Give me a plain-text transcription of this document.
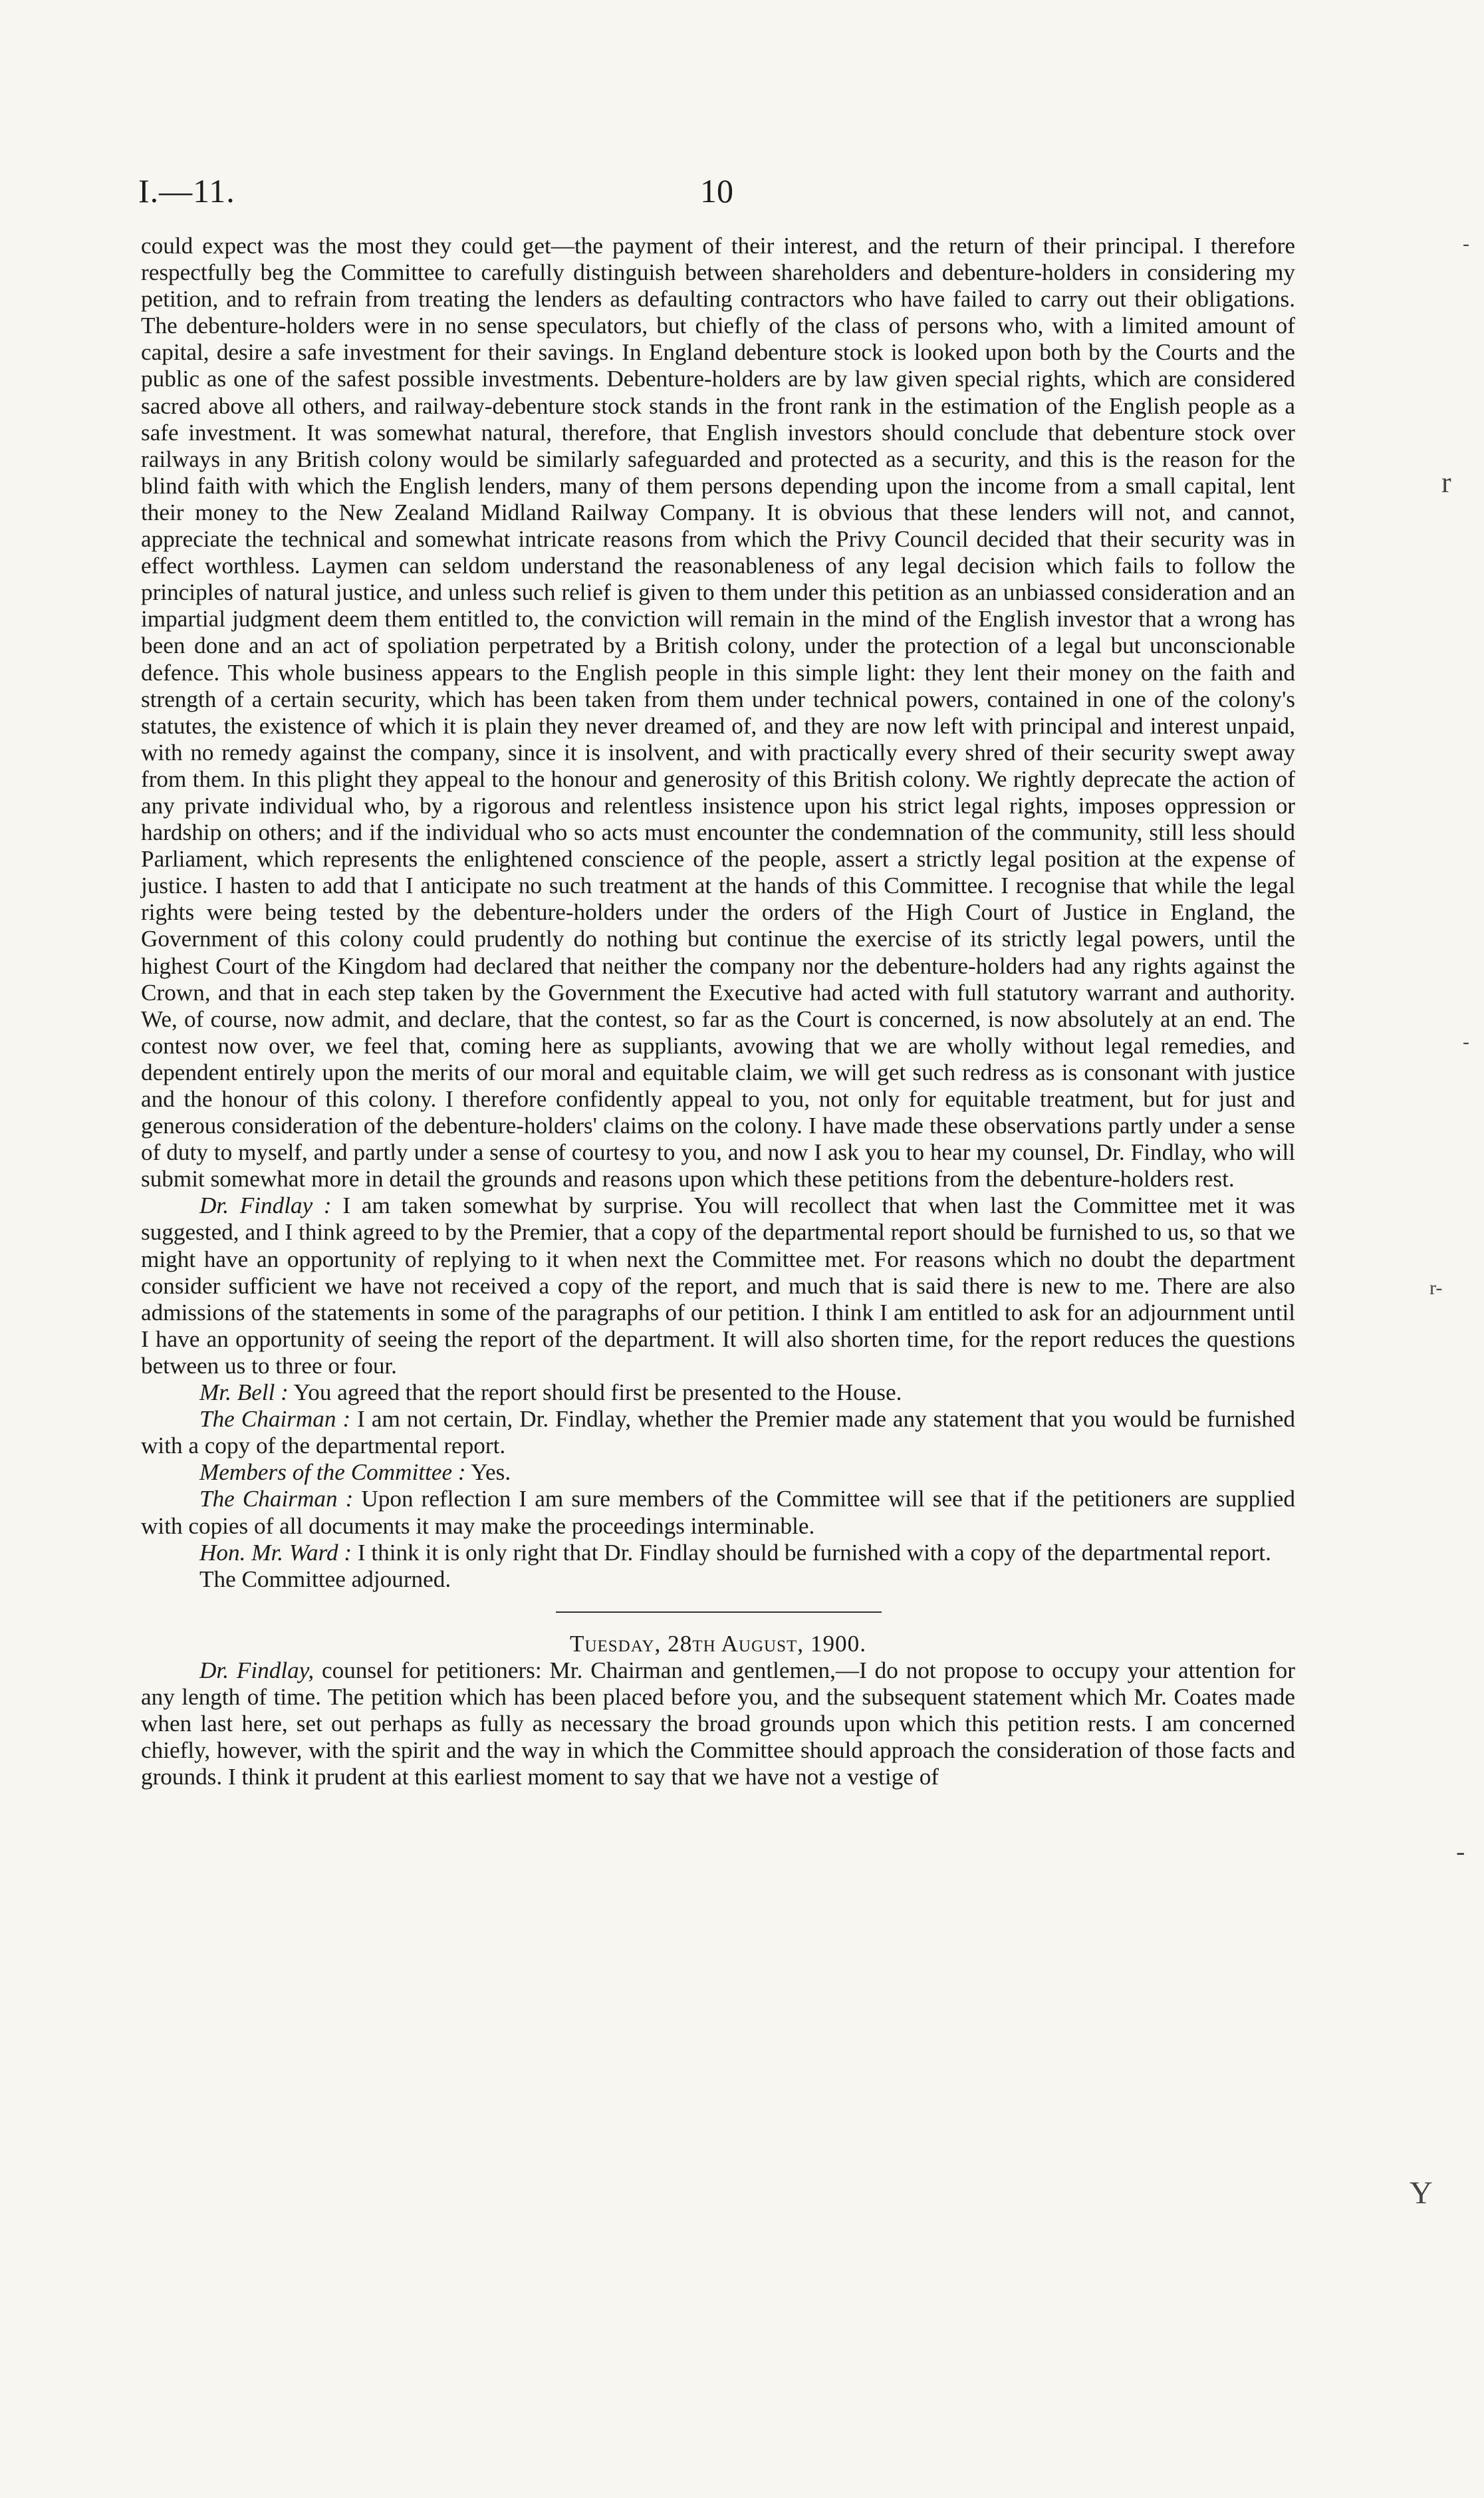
I.—11.	10

could expect was the most they could get—the payment of their interest, and the return of their principal. I therefore respectfully beg the Committee to carefully distinguish between shareholders and debenture-holders in considering my petition, and to refrain from treating the lenders as defaulting contractors who have failed to carry out their obligations. The debenture-holders were in no sense speculators, but chiefly of the class of persons who, with a limited amount of capital, desire a safe investment for their savings. In England debenture stock is looked upon both by the Courts and the public as one of the safest possible investments. Debenture-holders are by law given special rights, which are considered sacred above all others, and railway-debenture stock stands in the front rank in the estimation of the English people as a safe investment. It was somewhat natural, therefore, that English investors should conclude that debenture stock over railways in any British colony would be similarly safeguarded and protected as a security, and this is the reason for the blind faith with which the English lenders, many of them persons depending upon the income from a small capital, lent their money to the New Zealand Midland Railway Company. It is obvious that these lenders will not, and cannot, appreciate the technical and somewhat intricate reasons from which the Privy Council decided that their security was in effect worthless. Laymen can seldom understand the reasonableness of any legal decision which fails to follow the principles of natural justice, and unless such relief is given to them under this petition as an unbiassed consideration and an impartial judgment deem them entitled to, the conviction will remain in the mind of the English investor that a wrong has been done and an act of spoliation perpetrated by a British colony, under the protection of a legal but unconscionable defence. This whole business appears to the English people in this simple light: they lent their money on the faith and strength of a certain security, which has been taken from them under technical powers, contained in one of the colony's statutes, the existence of which it is plain they never dreamed of, and they are now left with principal and interest unpaid, with no remedy against the company, since it is insolvent, and with practically every shred of their security swept away from them. In this plight they appeal to the honour and generosity of this British colony. We rightly deprecate the action of any private individual who, by a rigorous and relentless insistence upon his strict legal rights, imposes oppression or hardship on others; and if the individual who so acts must encounter the condemnation of the community, still less should Parliament, which represents the enlightened conscience of the people, assert a strictly legal position at the expense of justice. I hasten to add that I anticipate no such treatment at the hands of this Committee. I recognise that while the legal rights were being tested by the debenture-holders under the orders of the High Court of Justice in England, the Government of this colony could prudently do nothing but continue the exercise of its strictly legal powers, until the highest Court of the Kingdom had declared that neither the company nor the debenture-holders had any rights against the Crown, and that in each step taken by the Government the Executive had acted with full statutory warrant and authority. We, of course, now admit, and declare, that the contest, so far as the Court is concerned, is now absolutely at an end. The contest now over, we feel that, coming here as suppliants, avowing that we are wholly without legal remedies, and dependent entirely upon the merits of our moral and equitable claim, we will get such redress as is consonant with justice and the honour of this colony. I therefore confidently appeal to you, not only for equitable treatment, but for just and generous consideration of the debenture-holders' claims on the colony. I have made these observations partly under a sense of duty to myself, and partly under a sense of courtesy to you, and now I ask you to hear my counsel, Dr. Findlay, who will submit somewhat more in detail the grounds and reasons upon which these petitions from the debenture-holders rest.

Dr. Findlay : I am taken somewhat by surprise. You will recollect that when last the Committee met it was suggested, and I think agreed to by the Premier, that a copy of the departmental report should be furnished to us, so that we might have an opportunity of replying to it when next the Committee met. For reasons which no doubt the department consider sufficient we have not received a copy of the report, and much that is said there is new to me. There are also admissions of the statements in some of the paragraphs of our petition. I think I am entitled to ask for an adjournment until I have an opportunity of seeing the report of the department. It will also shorten time, for the report reduces the questions between us to three or four.

Mr. Bell : You agreed that the report should first be presented to the House.

The Chairman : I am not certain, Dr. Findlay, whether the Premier made any statement that you would be furnished with a copy of the departmental report.

Members of the Committee : Yes.

The Chairman : Upon reflection I am sure members of the Committee will see that if the petitioners are supplied with copies of all documents it may make the proceedings interminable.

Hon. Mr. Ward : I think it is only right that Dr. Findlay should be furnished with a copy of the departmental report.

The Committee adjourned.

Tuesday, 28th August, 1900.

Dr. Findlay, counsel for petitioners: Mr. Chairman and gentlemen,—I do not propose to occupy your attention for any length of time. The petition which has been placed before you, and the subsequent statement which Mr. Coates made when last here, set out perhaps as fully as necessary the broad grounds upon which this petition rests. I am concerned chiefly, however, with the spirit and the way in which the Committee should approach the consideration of those facts and grounds. I think it prudent at this earliest moment to say that we have not a vestige of

-
r
-
r-
-
Y
